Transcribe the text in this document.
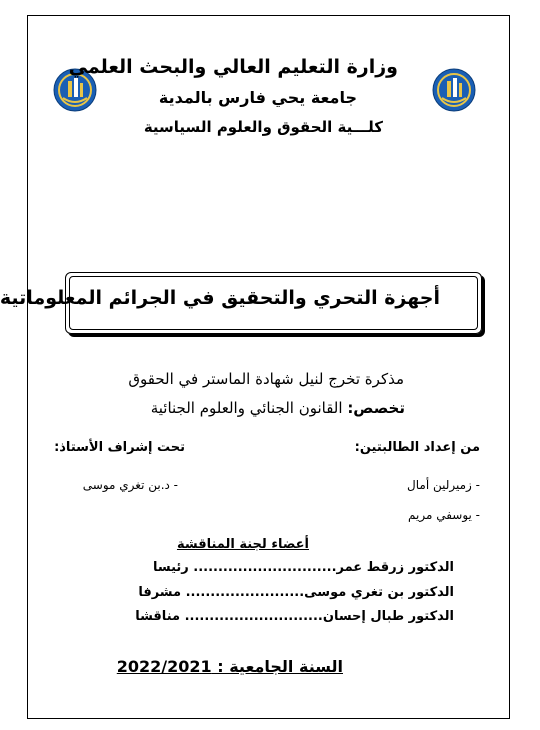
وزارة التعليم العالي والبحث العلمي
جامعة يحي فارس بالمدية
كلـــية الحقوق والعلوم السياسية
أجهزة التحري والتحقيق في الجرائم المعلوماتية
مذكرة تخرج لنيل شهادة الماستر في الحقوق
تخصص: القانون الجنائي والعلوم الجنائية
من إعداد الطالبتين:
تحت إشراف الأستاذ:
- زميرلين أمال
- يوسفي مريم
- د.بن تغري موسى
أعضاء لجنة المناقشة
الدكتور زرقط عمر............................. رئيسا
الدكتور بن تغري موسى........................ مشرفا
الدكتور طبال إحسان............................ مناقشا
السنة الجامعية : 2022/2021
